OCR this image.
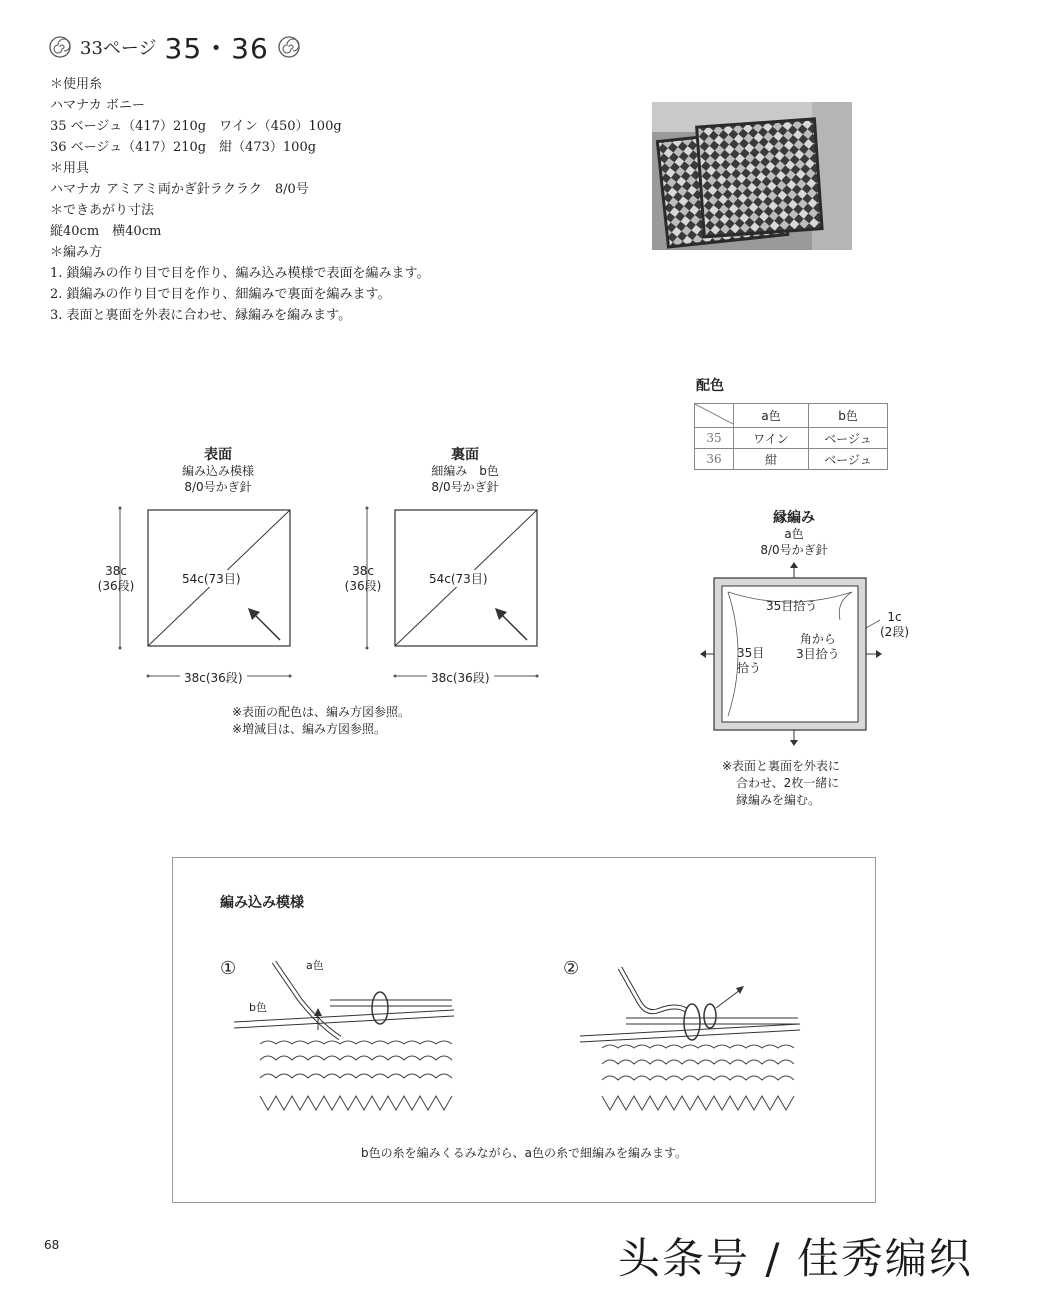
33ページ 35・36
＊使用糸
ハマナカ ボニー
35 ベージュ（417）210g　ワイン（450）100g
36 ベージュ（417）210g　紺（473）100g
＊用具
ハマナカ アミアミ両かぎ針ラクラク　8/0号
＊できあがり寸法
縦40cm　横40cm
＊編み方
1. 鎖編みの作り目で目を作り、編み込み模様で表面を編みます。
2. 鎖編みの作り目で目を作り、細編みで裏面を編みます。
3. 表面と裏面を外表に合わせ、縁編みを編みます。
配色
	a色	b色
35	ワイン	ベージュ
36	紺	ベージュ
表面
編み込み模様
8/0号かぎ針
38c
(36段)	54c(73目)
38c(36段)
裏面
細編み　b色
8/0号かぎ針
38c
(36段)	54c(73目)
38c(36段)
※表面の配色は、編み方図参照。
※増減目は、編み方図参照。
縁編み
a色
8/0号かぎ針
35目拾う
35目
拾う
角から
3目拾う
1c
(2段)
※表面と裏面を外表に
合わせ、2枚一緒に
縁編みを編む。
編み込み模様
①	a色
b色
②
b色の糸を編みくるみながら、a色の糸で細編みを編みます。
68	头条号 / 佳秀编织
